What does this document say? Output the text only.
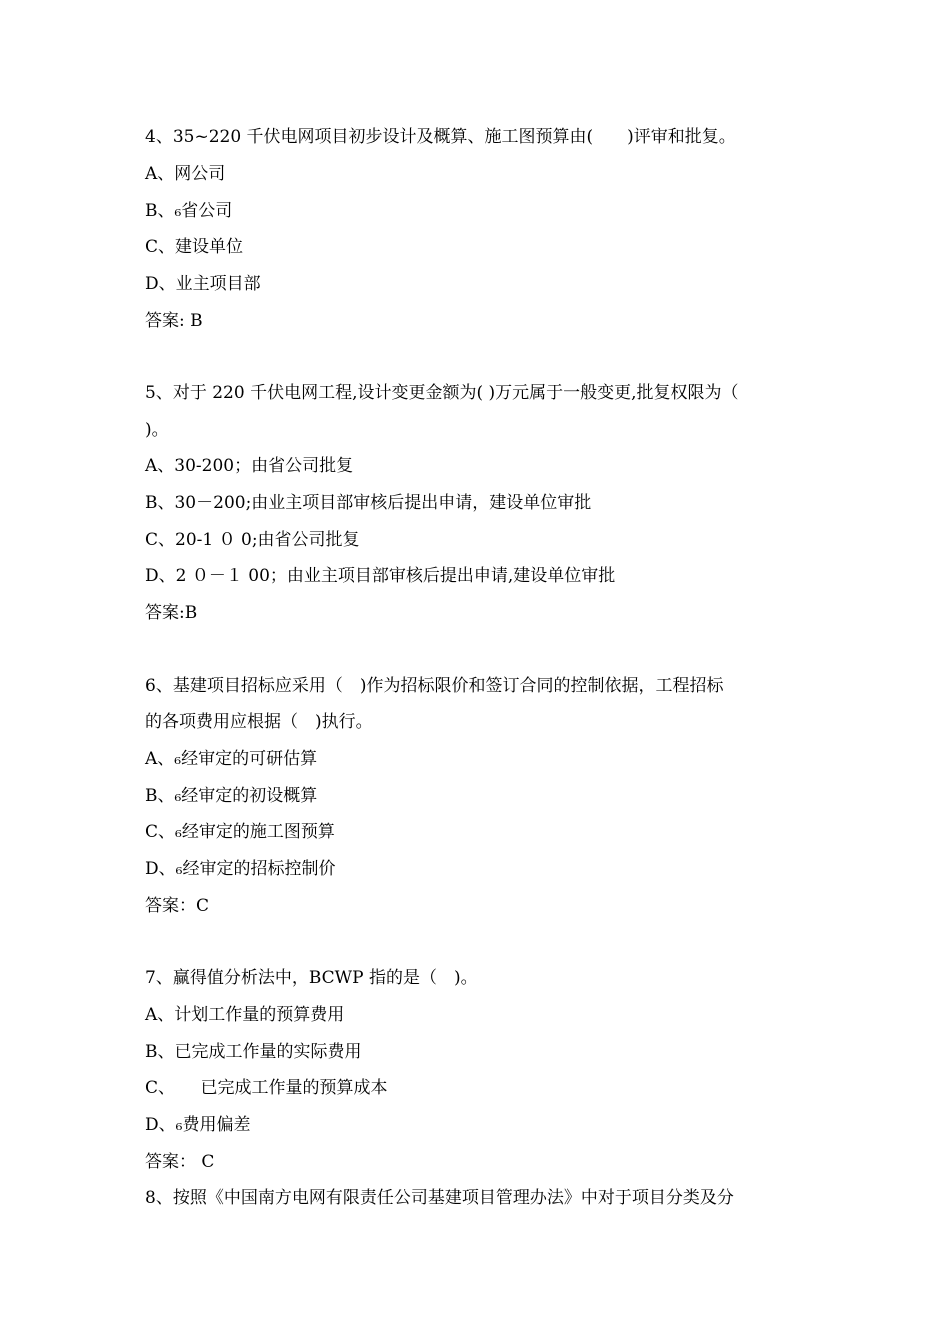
4、35~220 千伏电网项目初步设计及概算、施工图预算由(　　)评审和批复。
A、网公司
B、₆省公司
C、建设单位
D、业主项目部
答案: B
5、对于 220 千伏电网工程,设计变更金额为( )万元属于一般变更,批复权限为（
)。
A、30-200；由省公司批复
B、30－200;由业主项目部审核后提出申请，建设单位审批
C、20-1 ０ 0;由省公司批复
D、2 ０－１ 00；由业主项目部审核后提出申请,建设单位审批
答案:B
6、基建项目招标应采用（　)作为招标限价和签订合同的控制依据，工程招标
的各项费用应根据（　)执行。
A、₆经审定的可研估算
B、₆经审定的初设概算
C、₆经审定的施工图预算
D、₆经审定的招标控制价
答案：C
7、赢得值分析法中，BCWP 指的是（　)。
A、计划工作量的预算费用
B、已完成工作量的实际费用
C、　　已完成工作量的预算成本
D、₆费用偏差
答案： C
8、按照《中国南方电网有限责任公司基建项目管理办法》中对于项目分类及分
